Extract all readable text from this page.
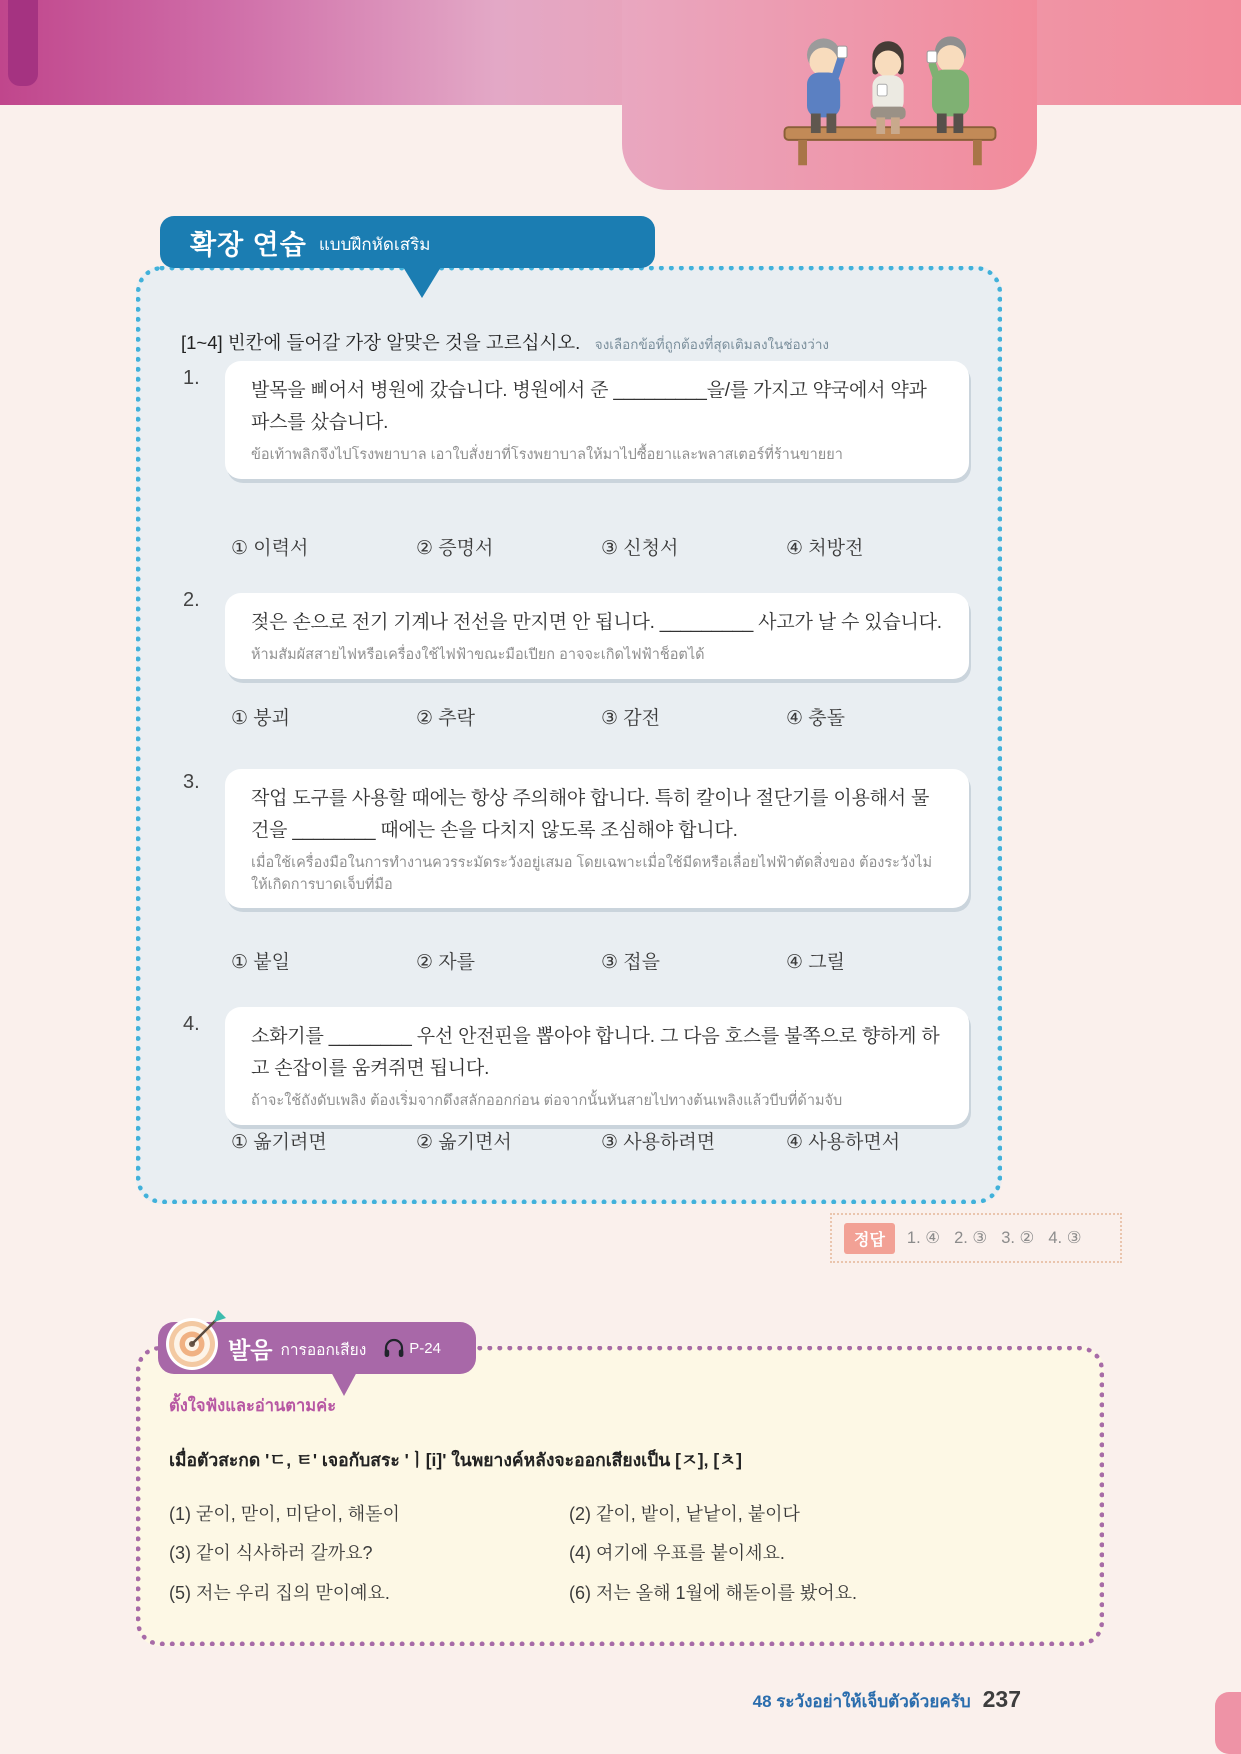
확장 연습 แบบฝึกหัดเสริม
[1~4] 빈칸에 들어갈 가장 알맞은 것을 고르십시오. จงเลือกข้อที่ถูกต้องที่สุดเติมลงในช่องว่าง
1.
발목을 삐어서 병원에 갔습니다. 병원에서 준 _________을/를 가지고 약국에서 약과 파스를 샀습니다.
ข้อเท้าพลิกจึงไปโรงพยาบาล เอาใบสั่งยาที่โรงพยาบาลให้มาไปซื้อยาและพลาสเตอร์ที่ร้านขายยา
① 이력서	② 증명서	③ 신청서	④ 처방전
2.
젖은 손으로 전기 기계나 전선을 만지면 안 됩니다. _________ 사고가 날 수 있습니다.
ห้ามสัมผัสสายไฟหรือเครื่องใช้ไฟฟ้าขณะมือเปียก อาจจะเกิดไฟฟ้าช็อตได้
① 붕괴	② 추락	③ 감전	④ 충돌
3.
작업 도구를 사용할 때에는 항상 주의해야 합니다. 특히 칼이나 절단기를 이용해서 물건을 ________ 때에는 손을 다치지 않도록 조심해야 합니다.
เมื่อใช้เครื่องมือในการทำงานควรระมัดระวังอยู่เสมอ โดยเฉพาะเมื่อใช้มีดหรือเลื่อยไฟฟ้าตัดสิ่งของ ต้องระวังไม่ให้เกิดการบาดเจ็บที่มือ
① 붙일	② 자를	③ 접을	④ 그릴
4.
소화기를 ________ 우선 안전핀을 뽑아야 합니다. 그 다음 호스를 불쪽으로 향하게 하고 손잡이를 움켜쥐면 됩니다.
ถ้าจะใช้ถังดับเพลิง ต้องเริ่มจากดึงสลักออกก่อน ต่อจากนั้นหันสายไปทางต้นเพลิงแล้วบีบที่ด้ามจับ
① 옮기려면	② 옮기면서	③ 사용하려면	④ 사용하면서
정답	1. ④ 2. ③ 3. ② 4. ③
발음 การออกเสียง	P-24
ตั้งใจฟังและอ่านตามค่ะ
เมื่อตัวสะกด 'ㄷ, ㅌ' เจอกับสระ 'ㅣ[i]' ในพยางค์หลังจะออกเสียงเป็น [ㅈ], [ㅊ]
(1) 굳이, 맏이, 미닫이, 해돋이	(2) 같이, 밭이, 낱낱이, 붙이다
(3) 같이 식사하러 갈까요?	(4) 여기에 우표를 붙이세요.
(5) 저는 우리 집의 맏이예요.	(6) 저는 올해 1월에 해돋이를 봤어요.
48 ระวังอย่าให้เจ็บตัวด้วยครับ 237
